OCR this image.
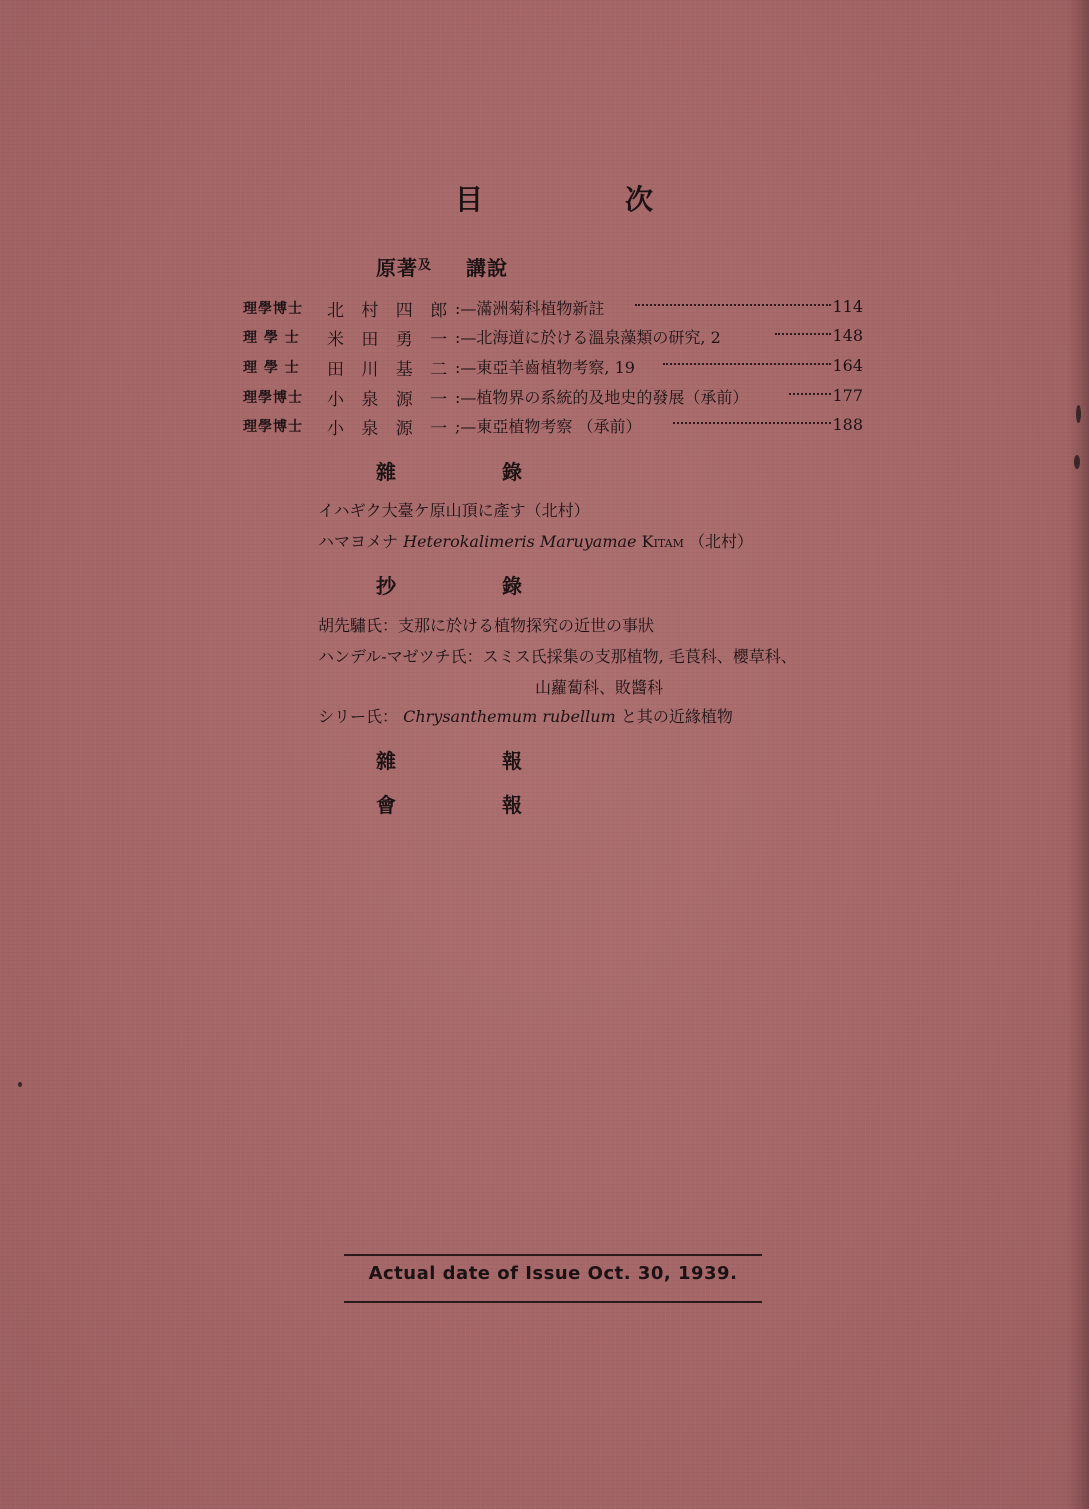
目	次
原著$^及$ 講說
理學博士 北 村 四 郎 :—滿洲菊科植物新註	114
理 學 士 米 田 勇 一 :—北海道に於ける溫泉藻類の研究, 2	148
理 學 士 田 川 基 二 :—東亞羊齒植物考察, 19	164
理學博士 小 泉 源 一 :—植物界の系統的及地史的發展（承前）	177
理學博士 小 泉 源 一 ;—東亞植物考察 （承前）	188
雜	錄
イハギク大臺ケ原山頂に產す（北村）
ハマヨメナ Heterokalimeris Maruyamae Kitam （北村）
抄	錄
胡先驌氏：支那に於ける植物探究の近世の事狀
ハンデル-マゼツチ氏：スミス氏採集の支那植物, 毛茛科、櫻草科、
山蘿蔔科、敗醬科
シリー氏： Chrysanthemum rubellum と其の近緣植物
雜	報
會	報
Actual date of Issue Oct. 30, 1939.
